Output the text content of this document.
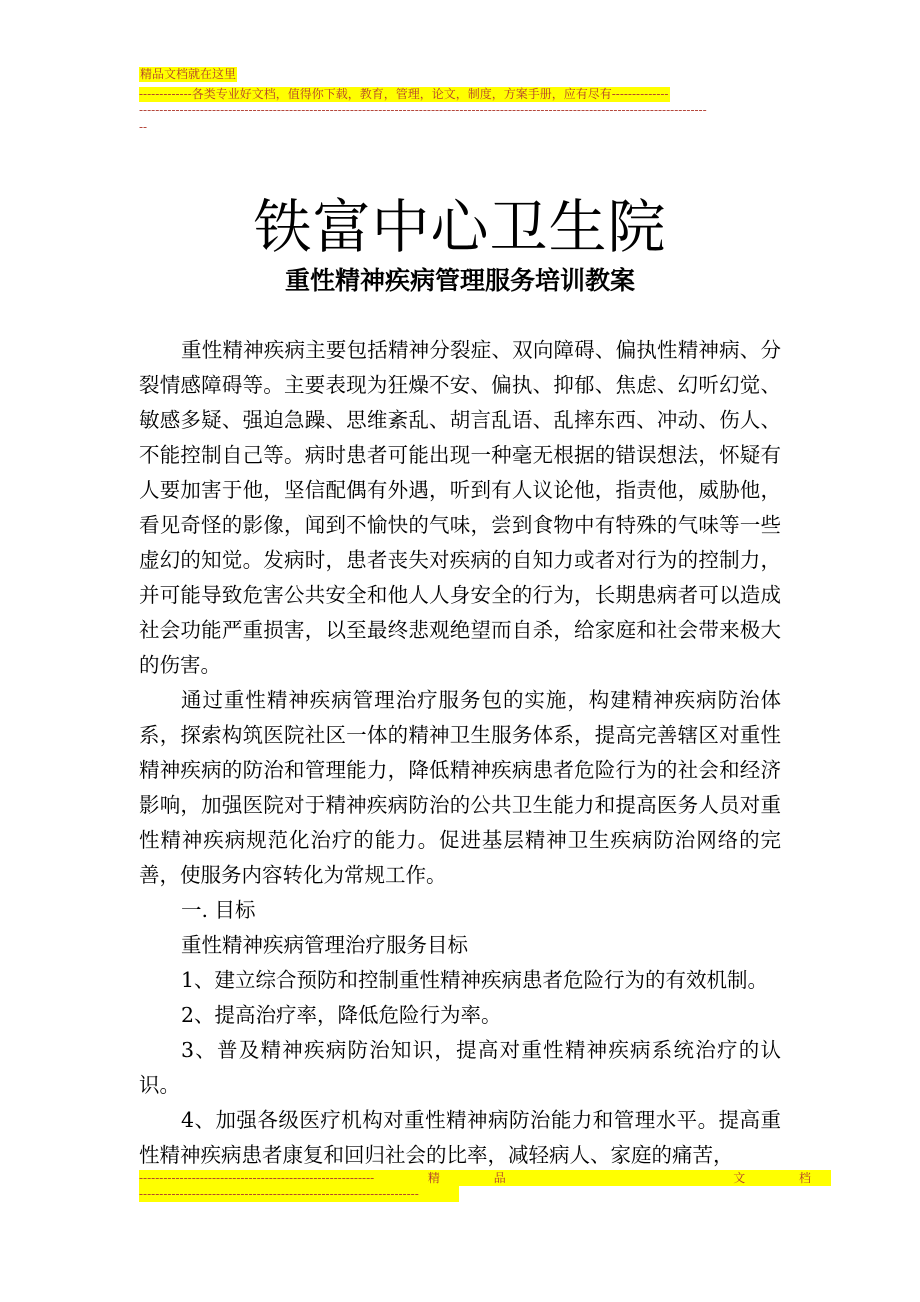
精品文档就在这里
-------------各类专业好文档，值得你下载，教育，管理，论文，制度，方案手册，应有尽有--------------
--------------------------------------------------------------------------------------------------------------------------------------------
--
铁富中心卫生院
重性精神疾病管理服务培训教案

重性精神疾病主要包括精神分裂症、双向障碍、偏执性精神病、分裂情感障碍等。主要表现为狂燥不安、偏执、抑郁、焦虑、幻听幻觉、敏感多疑、强迫急躁、思维紊乱、胡言乱语、乱摔东西、冲动、伤人、不能控制自己等。病时患者可能出现一种毫无根据的错误想法，怀疑有人要加害于他，坚信配偶有外遇，听到有人议论他，指责他，威胁他，看见奇怪的影像，闻到不愉快的气味，尝到食物中有特殊的气味等一些虚幻的知觉。发病时，患者丧失对疾病的自知力或者对行为的控制力，并可能导致危害公共安全和他人人身安全的行为，长期患病者可以造成社会功能严重损害，以至最终悲观绝望而自杀，给家庭和社会带来极大的伤害。

通过重性精神疾病管理治疗服务包的实施，构建精神疾病防治体系，探索构筑医院社区一体的精神卫生服务体系，提高完善辖区对重性精神疾病的防治和管理能力，降低精神疾病患者危险行为的社会和经济影响，加强医院对于精神疾病防治的公共卫生能力和提高医务人员对重性精神疾病规范化治疗的能力。促进基层精神卫生疾病防治网络的完善，使服务内容转化为常规工作。

一. 目标

重性精神疾病管理治疗服务目标

1、建立综合预防和控制重性精神疾病患者危险行为的有效机制。

2、提高治疗率，降低危险行为率。

3、普及精神疾病防治知识，提高对重性精神疾病系统治疗的认识。

4、加强各级医疗机构对重性精神病防治能力和管理水平。提高重性精神疾病患者康复和回归社会的比率，减轻病人、家庭的痛苦，

----------------------------------------------------------	精	品	文	档
---------------------------------------------------------------------
